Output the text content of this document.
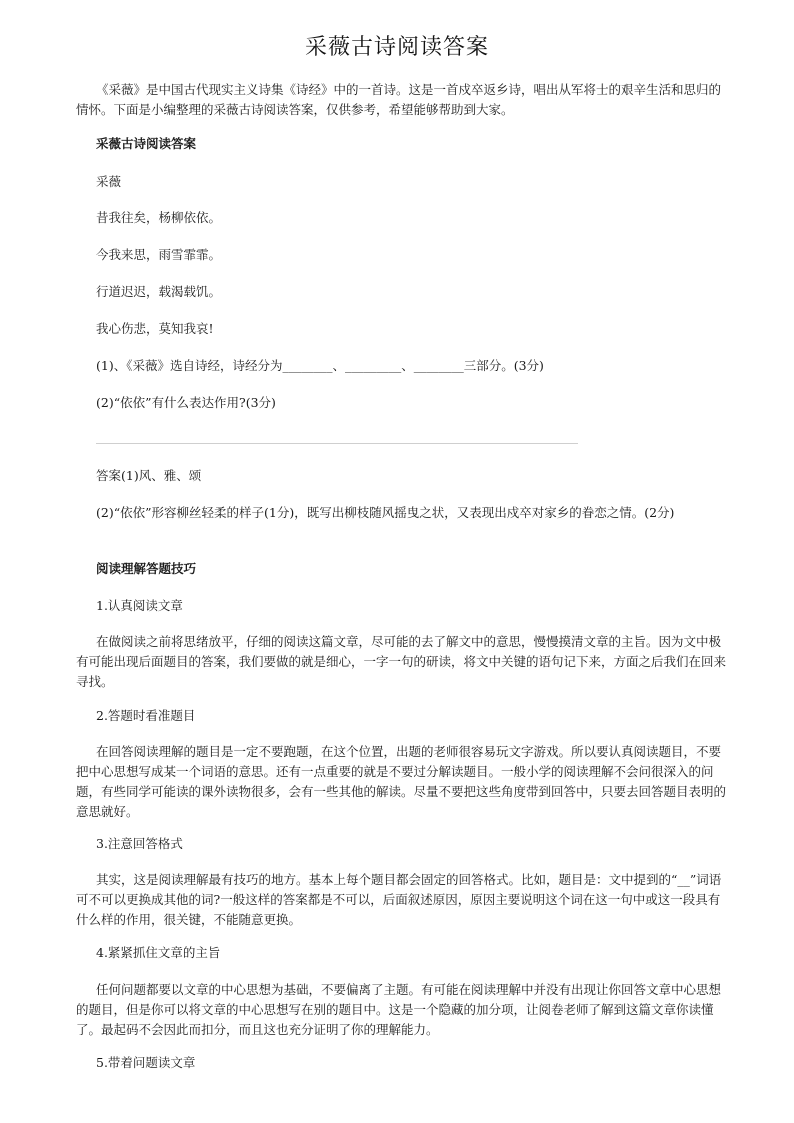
采薇古诗阅读答案

《采薇》是中国古代现实主义诗集《诗经》中的一首诗。这是一首戍卒返乡诗，唱出从军将士的艰辛生活和思归的情怀。下面是小编整理的采薇古诗阅读答案，仅供参考，希望能够帮助到大家。

采薇古诗阅读答案

采薇

昔我往矣，杨柳依依。

今我来思，雨雪霏霏。

行道迟迟，载渴载饥。

我心伤悲，莫知我哀!

(1)、《采薇》选自诗经，诗经分为________、_________、________三部分。(3分)

(2)“依依”有什么表达作用?(3分)

答案(1)风、雅、颂

(2)“依依”形容柳丝轻柔的样子(1分)，既写出柳枝随风摇曳之状，又表现出戍卒对家乡的眷恋之情。(2分)

阅读理解答题技巧

1.认真阅读文章

在做阅读之前将思绪放平，仔细的阅读这篇文章，尽可能的去了解文中的意思，慢慢摸清文章的主旨。因为文中极有可能出现后面题目的答案，我们要做的就是细心，一字一句的研读，将文中关键的语句记下来，方面之后我们在回来寻找。

2.答题时看准题目

在回答阅读理解的题目是一定不要跑题，在这个位置，出题的老师很容易玩文字游戏。所以要认真阅读题目，不要把中心思想写成某一个词语的意思。还有一点重要的就是不要过分解读题目。一般小学的阅读理解不会问很深入的问题，有些同学可能读的课外读物很多，会有一些其他的解读。尽量不要把这些角度带到回答中，只要去回答题目表明的意思就好。

3.注意回答格式

其实，这是阅读理解最有技巧的地方。基本上每个题目都会固定的回答格式。比如，题目是：文中提到的“__”词语可不可以更换成其他的词?一般这样的答案都是不可以，后面叙述原因，原因主要说明这个词在这一句中或这一段具有什么样的作用，很关键，不能随意更换。

4.紧紧抓住文章的主旨

任何问题都要以文章的中心思想为基础，不要偏离了主题。有可能在阅读理解中并没有出现让你回答文章中心思想的题目，但是你可以将文章的中心思想写在别的题目中。这是一个隐藏的加分项，让阅卷老师了解到这篇文章你读懂了。最起码不会因此而扣分，而且这也充分证明了你的理解能力。

5.带着问题读文章
